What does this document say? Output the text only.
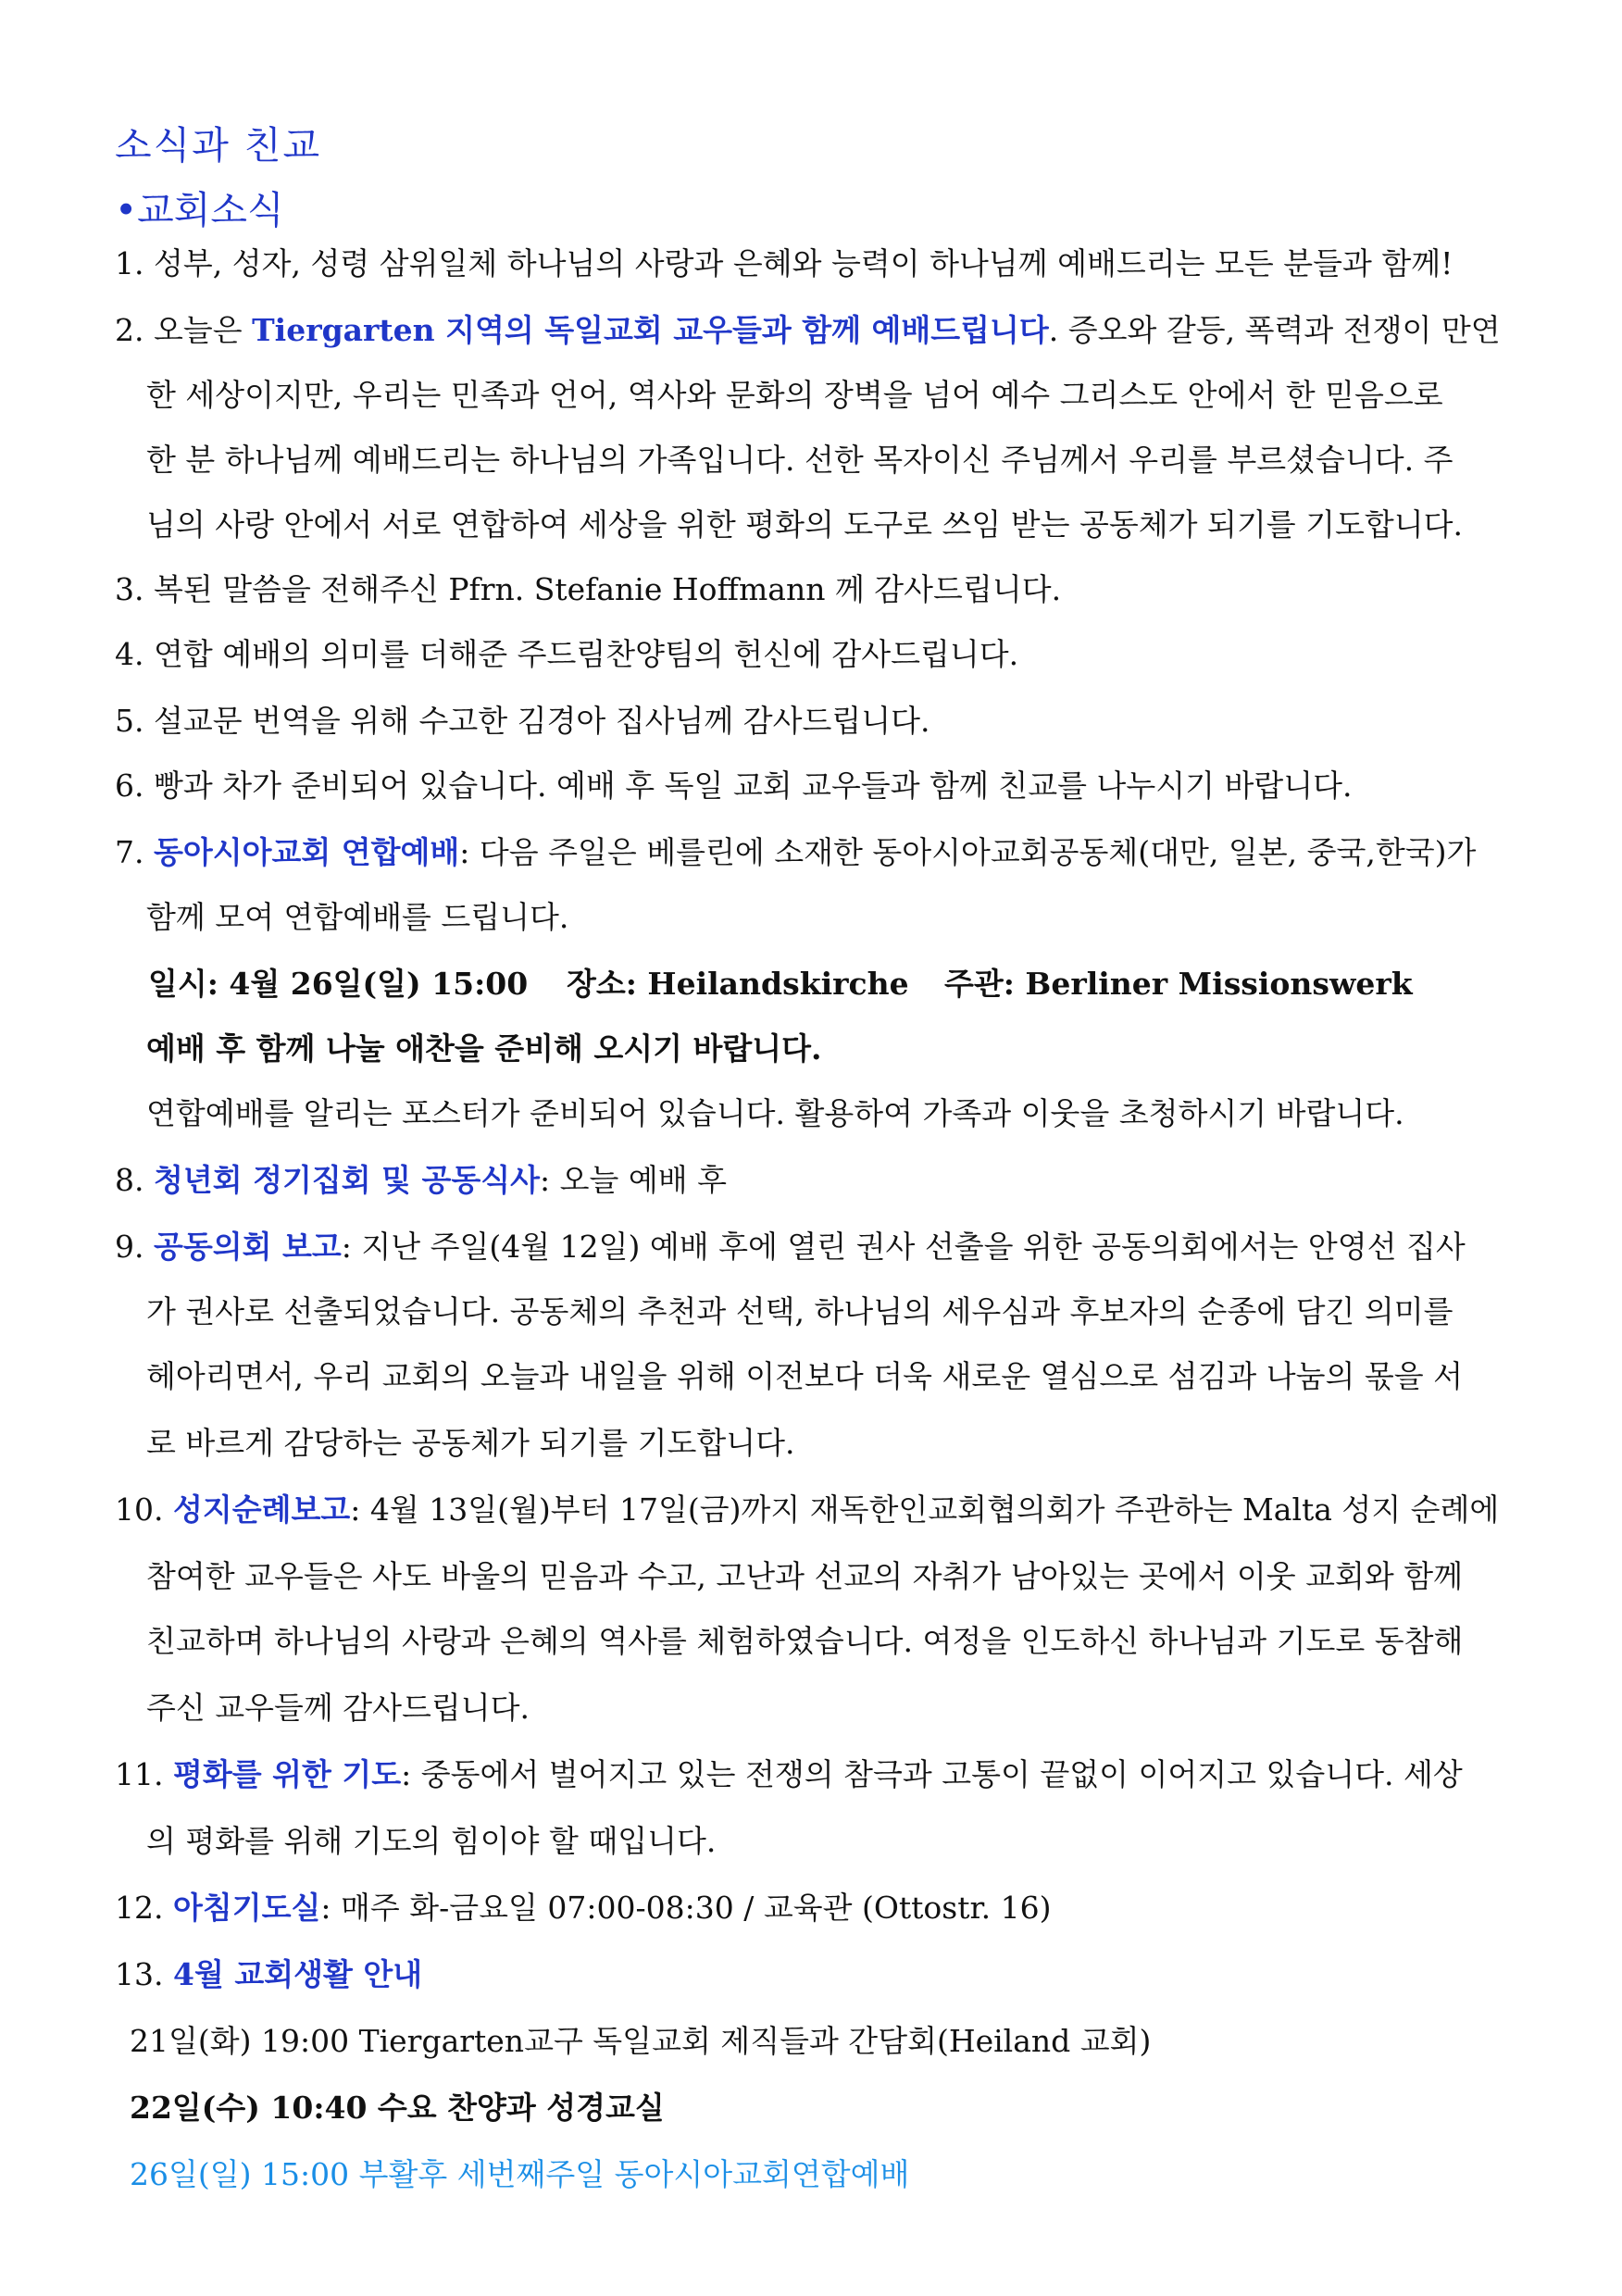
소식과 친교
•교회소식
1. 성부, 성자, 성령 삼위일체 하나님의 사랑과 은혜와 능력이 하나님께 예배드리는 모든 분들과 함께!
2. 오늘은 Tiergarten 지역의 독일교회 교우들과 함께 예배드립니다. 증오와 갈등, 폭력과 전쟁이 만연
한 세상이지만, 우리는 민족과 언어, 역사와 문화의 장벽을 넘어 예수 그리스도 안에서 한 믿음으로
한 분 하나님께 예배드리는 하나님의 가족입니다. 선한 목자이신 주님께서 우리를 부르셨습니다. 주
님의 사랑 안에서 서로 연합하여 세상을 위한 평화의 도구로 쓰임 받는 공동체가 되기를 기도합니다.
3. 복된 말씀을 전해주신 Pfrn. Stefanie Hoffmann 께 감사드립니다.
4. 연합 예배의 의미를 더해준 주드림찬양팀의 헌신에 감사드립니다.
5. 설교문 번역을 위해 수고한 김경아 집사님께 감사드립니다.
6. 빵과 차가 준비되어 있습니다. 예배 후 독일 교회 교우들과 함께 친교를 나누시기 바랍니다.
7. 동아시아교회 연합예배: 다음 주일은 베를린에 소재한 동아시아교회공동체(대만, 일본, 중국,한국)가
함께 모여 연합예배를 드립니다.
일시: 4월 26일(일) 15:00 장소: Heilandskirche 주관: Berliner Missionswerk
예배 후 함께 나눌 애찬을 준비해 오시기 바랍니다.
연합예배를 알리는 포스터가 준비되어 있습니다. 활용하여 가족과 이웃을 초청하시기 바랍니다.
8. 청년회 정기집회 및 공동식사: 오늘 예배 후
9. 공동의회 보고: 지난 주일(4월 12일) 예배 후에 열린 권사 선출을 위한 공동의회에서는 안영선 집사
가 권사로 선출되었습니다. 공동체의 추천과 선택, 하나님의 세우심과 후보자의 순종에 담긴 의미를
헤아리면서, 우리 교회의 오늘과 내일을 위해 이전보다 더욱 새로운 열심으로 섬김과 나눔의 몫을 서
로 바르게 감당하는 공동체가 되기를 기도합니다.
10. 성지순례보고: 4월 13일(월)부터 17일(금)까지 재독한인교회협의회가 주관하는 Malta 성지 순례에
참여한 교우들은 사도 바울의 믿음과 수고, 고난과 선교의 자취가 남아있는 곳에서 이웃 교회와 함께
친교하며 하나님의 사랑과 은혜의 역사를 체험하였습니다. 여정을 인도하신 하나님과 기도로 동참해
주신 교우들께 감사드립니다.
11. 평화를 위한 기도: 중동에서 벌어지고 있는 전쟁의 참극과 고통이 끝없이 이어지고 있습니다. 세상
의 평화를 위해 기도의 힘이야 할 때입니다.
12. 아침기도실: 매주 화-금요일 07:00-08:30 / 교육관 (Ottostr. 16)
13. 4월 교회생활 안내
21일(화) 19:00 Tiergarten교구 독일교회 제직들과 간담회(Heiland 교회)
22일(수) 10:40 수요 찬양과 성경교실
26일(일) 15:00 부활후 세번째주일 동아시아교회연합예배
